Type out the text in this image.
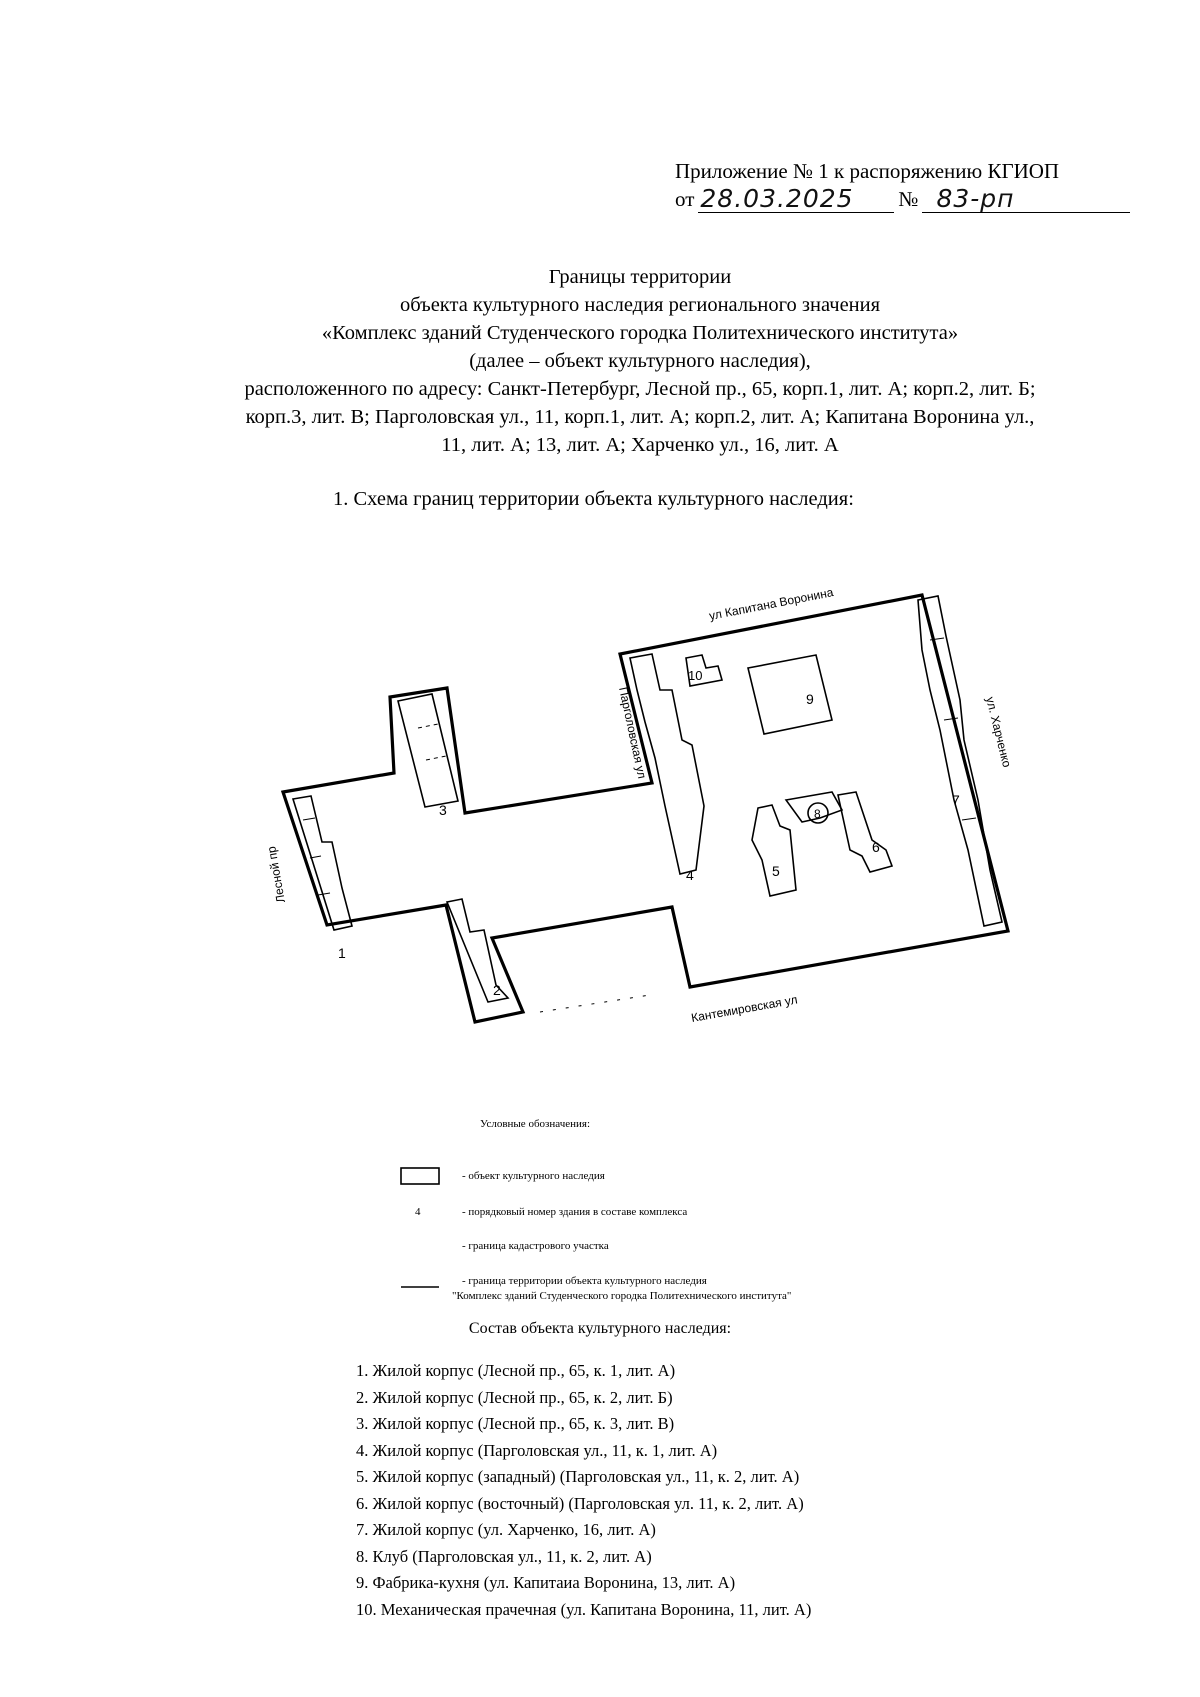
Приложение № 1 к распоряжению КГИОП
от 28.03.2025	№ 83-рп
Границы территории
объекта культурного наследия регионального значения
«Комплекс зданий Студенческого городка Политехнического института»
(далее – объект культурного наследия),
расположенного по адресу: Санкт-Петербург, Лесной пр., 65, корп.1, лит. А; корп.2, лит. Б;
корп.3, лит. В; Парголовская ул., 11, корп.1, лит. А; корп.2, лит. А; Капитана Воронина ул.,
11, лит. А; 13, лит. А; Харченко ул., 16, лит. А
1. Схема границ территории объекта культурного наследия:
ул Капитана Воронина
Парголовская ул	ул. Харченко
Лесной пр
Кантемировская ул
1
2
3
4	5
6
7
8
9
10
Условные обозначения:
- объект культурного наследия
4	- порядковый номер здания в составе комплекса
- граница кадастрового участка
- граница территории объекта культурного наследия
"Комплекс зданий Студенческого городка Политехнического института"
Состав объекта культурного наследия:
1. Жилой корпус (Лесной пр., 65, к. 1, лит. А)
2. Жилой корпус (Лесной пр., 65, к. 2, лит. Б)
3. Жилой корпус (Лесной пр., 65, к. 3, лит. В)
4. Жилой корпус (Парголовская ул., 11, к. 1, лит. А)
5. Жилой корпус (западный) (Парголовская ул., 11, к. 2, лит. А)
6. Жилой корпус (восточный) (Парголовская ул. 11, к. 2, лит. А)
7. Жилой корпус (ул. Харченко, 16, лит. А)
8. Клуб (Парголовская ул., 11, к. 2, лит. А)
9. Фабрика-кухня (ул. Капитаиа Воронина, 13, лит. А)
10. Механическая прачечная (ул. Капитана Воронина, 11, лит. А)
